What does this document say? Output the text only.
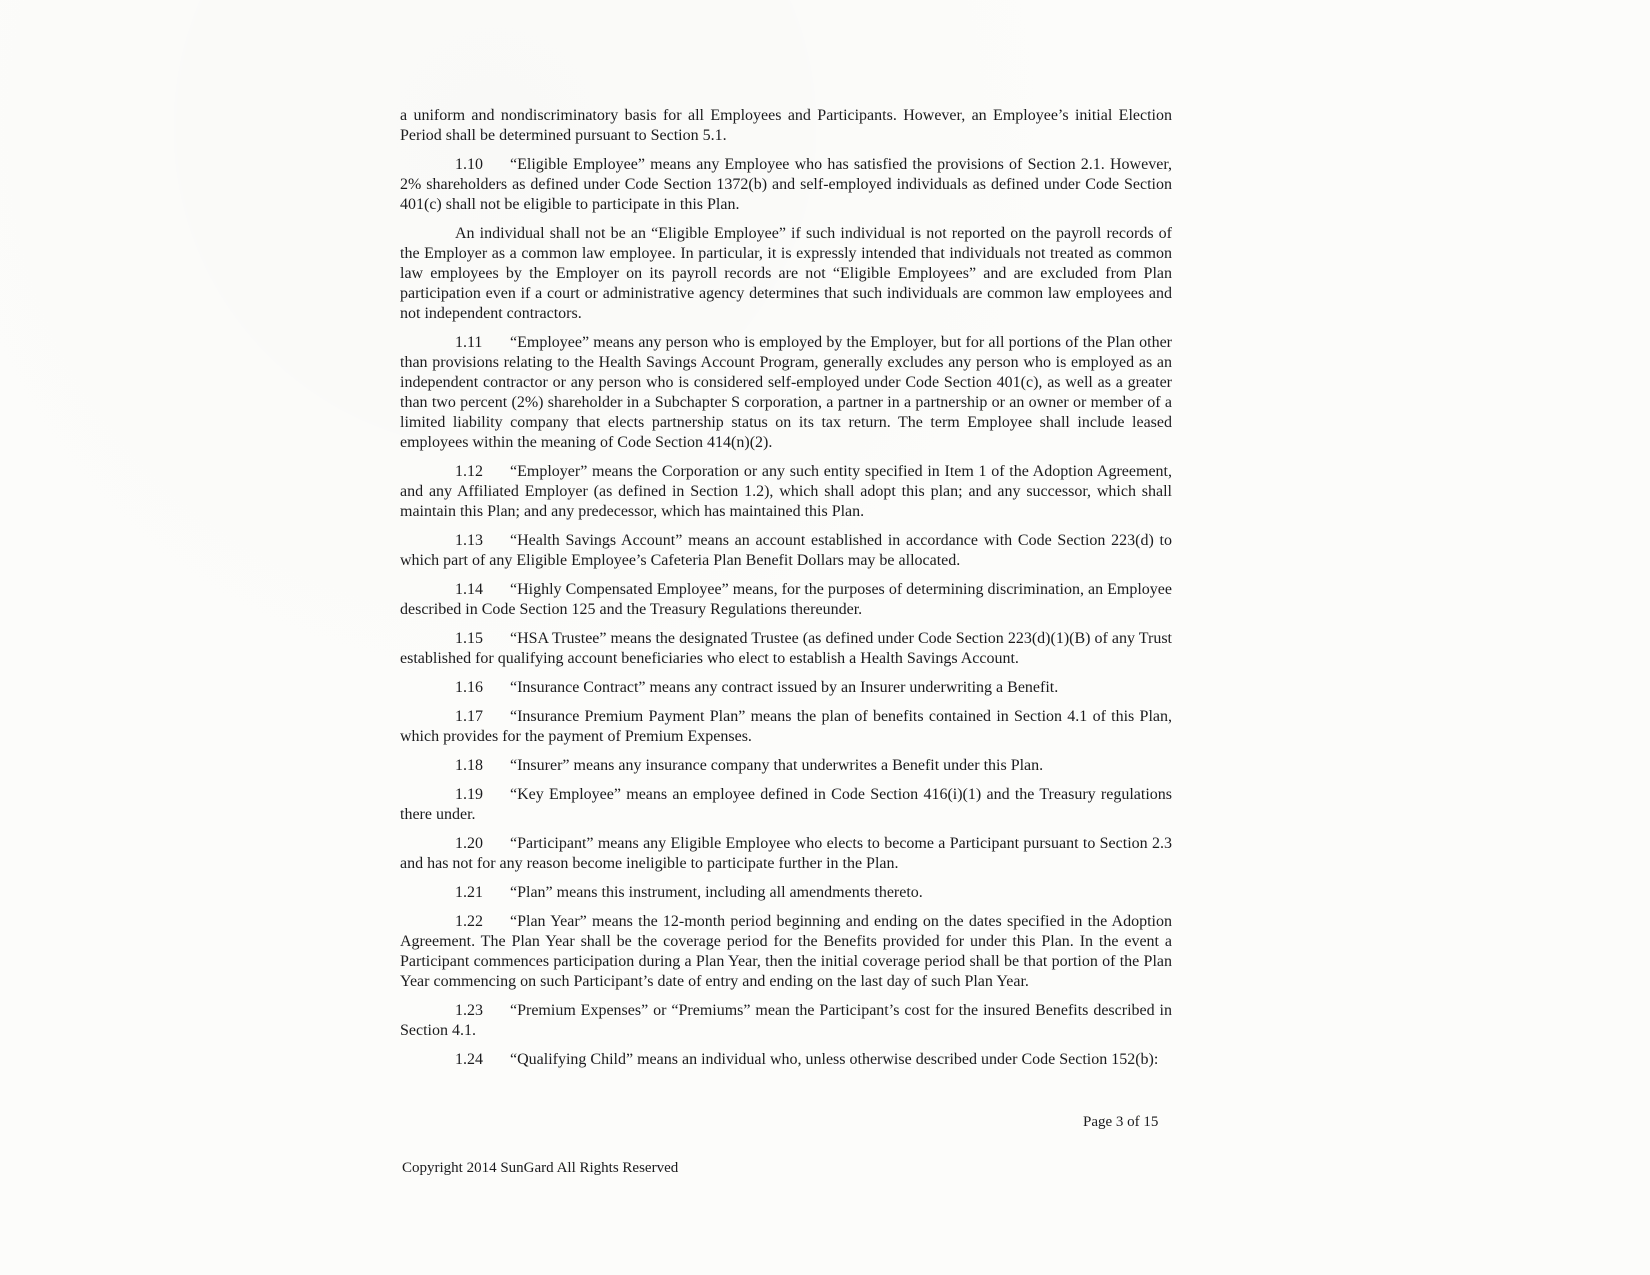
a uniform and nondiscriminatory basis for all Employees and Participants. However, an Employee’s initial Election Period shall be determined pursuant to Section 5.1.

1.10 “Eligible Employee” means any Employee who has satisfied the provisions of Section 2.1. However, 2% shareholders as defined under Code Section 1372(b) and self-employed individuals as defined under Code Section 401(c) shall not be eligible to participate in this Plan.

An individual shall not be an “Eligible Employee” if such individual is not reported on the payroll records of the Employer as a common law employee. In particular, it is expressly intended that individuals not treated as common law employees by the Employer on its payroll records are not “Eligible Employees” and are excluded from Plan participation even if a court or administrative agency determines that such individuals are common law employees and not independent contractors.

1.11 “Employee” means any person who is employed by the Employer, but for all portions of the Plan other than provisions relating to the Health Savings Account Program, generally excludes any person who is employed as an independent contractor or any person who is considered self-employed under Code Section 401(c), as well as a greater than two percent (2%) shareholder in a Subchapter S corporation, a partner in a partnership or an owner or member of a limited liability company that elects partnership status on its tax return. The term Employee shall include leased employees within the meaning of Code Section 414(n)(2).

1.12 “Employer” means the Corporation or any such entity specified in Item 1 of the Adoption Agreement, and any Affiliated Employer (as defined in Section 1.2), which shall adopt this plan; and any successor, which shall maintain this Plan; and any predecessor, which has maintained this Plan.

1.13 “Health Savings Account” means an account established in accordance with Code Section 223(d) to which part of any Eligible Employee’s Cafeteria Plan Benefit Dollars may be allocated.

1.14 “Highly Compensated Employee” means, for the purposes of determining discrimination, an Employee described in Code Section 125 and the Treasury Regulations thereunder.

1.15 “HSA Trustee” means the designated Trustee (as defined under Code Section 223(d)(1)(B) of any Trust established for qualifying account beneficiaries who elect to establish a Health Savings Account.

1.16 “Insurance Contract” means any contract issued by an Insurer underwriting a Benefit.

1.17 “Insurance Premium Payment Plan” means the plan of benefits contained in Section 4.1 of this Plan, which provides for the payment of Premium Expenses.

1.18 “Insurer” means any insurance company that underwrites a Benefit under this Plan.

1.19 “Key Employee” means an employee defined in Code Section 416(i)(1) and the Treasury regulations there under.

1.20 “Participant” means any Eligible Employee who elects to become a Participant pursuant to Section 2.3 and has not for any reason become ineligible to participate further in the Plan.

1.21 “Plan” means this instrument, including all amendments thereto.

1.22 “Plan Year” means the 12-month period beginning and ending on the dates specified in the Adoption Agreement. The Plan Year shall be the coverage period for the Benefits provided for under this Plan. In the event a Participant commences participation during a Plan Year, then the initial coverage period shall be that portion of the Plan Year commencing on such Participant’s date of entry and ending on the last day of such Plan Year.

1.23 “Premium Expenses” or “Premiums” mean the Participant’s cost for the insured Benefits described in Section 4.1.

1.24 “Qualifying Child” means an individual who, unless otherwise described under Code Section 152(b):

Page 3 of 15
Copyright 2014 SunGard All Rights Reserved
